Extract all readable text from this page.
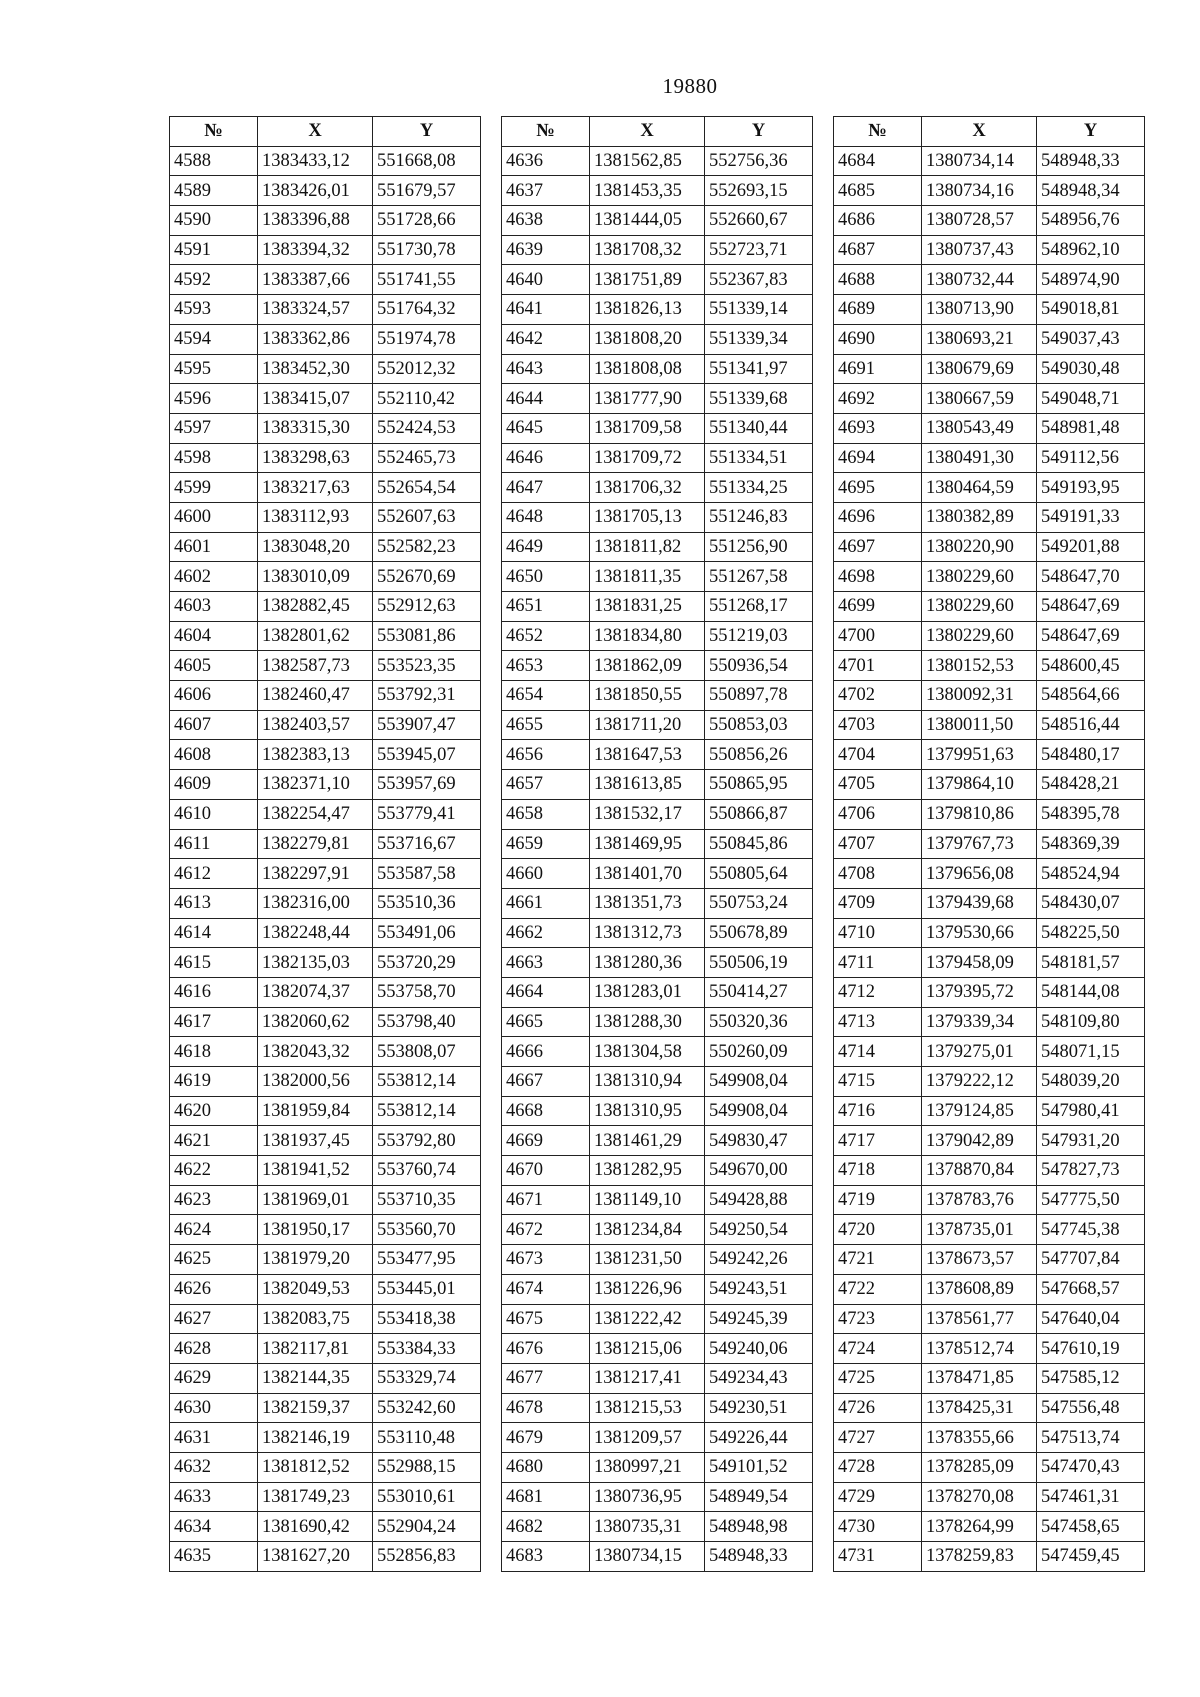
19880
№	X	Y
4588	1383433,12	551668,08
4589	1383426,01	551679,57
4590	1383396,88	551728,66
4591	1383394,32	551730,78
4592	1383387,66	551741,55
4593	1383324,57	551764,32
4594	1383362,86	551974,78
4595	1383452,30	552012,32
4596	1383415,07	552110,42
4597	1383315,30	552424,53
4598	1383298,63	552465,73
4599	1383217,63	552654,54
4600	1383112,93	552607,63
4601	1383048,20	552582,23
4602	1383010,09	552670,69
4603	1382882,45	552912,63
4604	1382801,62	553081,86
4605	1382587,73	553523,35
4606	1382460,47	553792,31
4607	1382403,57	553907,47
4608	1382383,13	553945,07
4609	1382371,10	553957,69
4610	1382254,47	553779,41
4611	1382279,81	553716,67
4612	1382297,91	553587,58
4613	1382316,00	553510,36
4614	1382248,44	553491,06
4615	1382135,03	553720,29
4616	1382074,37	553758,70
4617	1382060,62	553798,40
4618	1382043,32	553808,07
4619	1382000,56	553812,14
4620	1381959,84	553812,14
4621	1381937,45	553792,80
4622	1381941,52	553760,74
4623	1381969,01	553710,35
4624	1381950,17	553560,70
4625	1381979,20	553477,95
4626	1382049,53	553445,01
4627	1382083,75	553418,38
4628	1382117,81	553384,33
4629	1382144,35	553329,74
4630	1382159,37	553242,60
4631	1382146,19	553110,48
4632	1381812,52	552988,15
4633	1381749,23	553010,61
4634	1381690,42	552904,24
4635	1381627,20	552856,83
№	X	Y
4636	1381562,85	552756,36
4637	1381453,35	552693,15
4638	1381444,05	552660,67
4639	1381708,32	552723,71
4640	1381751,89	552367,83
4641	1381826,13	551339,14
4642	1381808,20	551339,34
4643	1381808,08	551341,97
4644	1381777,90	551339,68
4645	1381709,58	551340,44
4646	1381709,72	551334,51
4647	1381706,32	551334,25
4648	1381705,13	551246,83
4649	1381811,82	551256,90
4650	1381811,35	551267,58
4651	1381831,25	551268,17
4652	1381834,80	551219,03
4653	1381862,09	550936,54
4654	1381850,55	550897,78
4655	1381711,20	550853,03
4656	1381647,53	550856,26
4657	1381613,85	550865,95
4658	1381532,17	550866,87
4659	1381469,95	550845,86
4660	1381401,70	550805,64
4661	1381351,73	550753,24
4662	1381312,73	550678,89
4663	1381280,36	550506,19
4664	1381283,01	550414,27
4665	1381288,30	550320,36
4666	1381304,58	550260,09
4667	1381310,94	549908,04
4668	1381310,95	549908,04
4669	1381461,29	549830,47
4670	1381282,95	549670,00
4671	1381149,10	549428,88
4672	1381234,84	549250,54
4673	1381231,50	549242,26
4674	1381226,96	549243,51
4675	1381222,42	549245,39
4676	1381215,06	549240,06
4677	1381217,41	549234,43
4678	1381215,53	549230,51
4679	1381209,57	549226,44
4680	1380997,21	549101,52
4681	1380736,95	548949,54
4682	1380735,31	548948,98
4683	1380734,15	548948,33
№	X	Y
4684	1380734,14	548948,33
4685	1380734,16	548948,34
4686	1380728,57	548956,76
4687	1380737,43	548962,10
4688	1380732,44	548974,90
4689	1380713,90	549018,81
4690	1380693,21	549037,43
4691	1380679,69	549030,48
4692	1380667,59	549048,71
4693	1380543,49	548981,48
4694	1380491,30	549112,56
4695	1380464,59	549193,95
4696	1380382,89	549191,33
4697	1380220,90	549201,88
4698	1380229,60	548647,70
4699	1380229,60	548647,69
4700	1380229,60	548647,69
4701	1380152,53	548600,45
4702	1380092,31	548564,66
4703	1380011,50	548516,44
4704	1379951,63	548480,17
4705	1379864,10	548428,21
4706	1379810,86	548395,78
4707	1379767,73	548369,39
4708	1379656,08	548524,94
4709	1379439,68	548430,07
4710	1379530,66	548225,50
4711	1379458,09	548181,57
4712	1379395,72	548144,08
4713	1379339,34	548109,80
4714	1379275,01	548071,15
4715	1379222,12	548039,20
4716	1379124,85	547980,41
4717	1379042,89	547931,20
4718	1378870,84	547827,73
4719	1378783,76	547775,50
4720	1378735,01	547745,38
4721	1378673,57	547707,84
4722	1378608,89	547668,57
4723	1378561,77	547640,04
4724	1378512,74	547610,19
4725	1378471,85	547585,12
4726	1378425,31	547556,48
4727	1378355,66	547513,74
4728	1378285,09	547470,43
4729	1378270,08	547461,31
4730	1378264,99	547458,65
4731	1378259,83	547459,45
